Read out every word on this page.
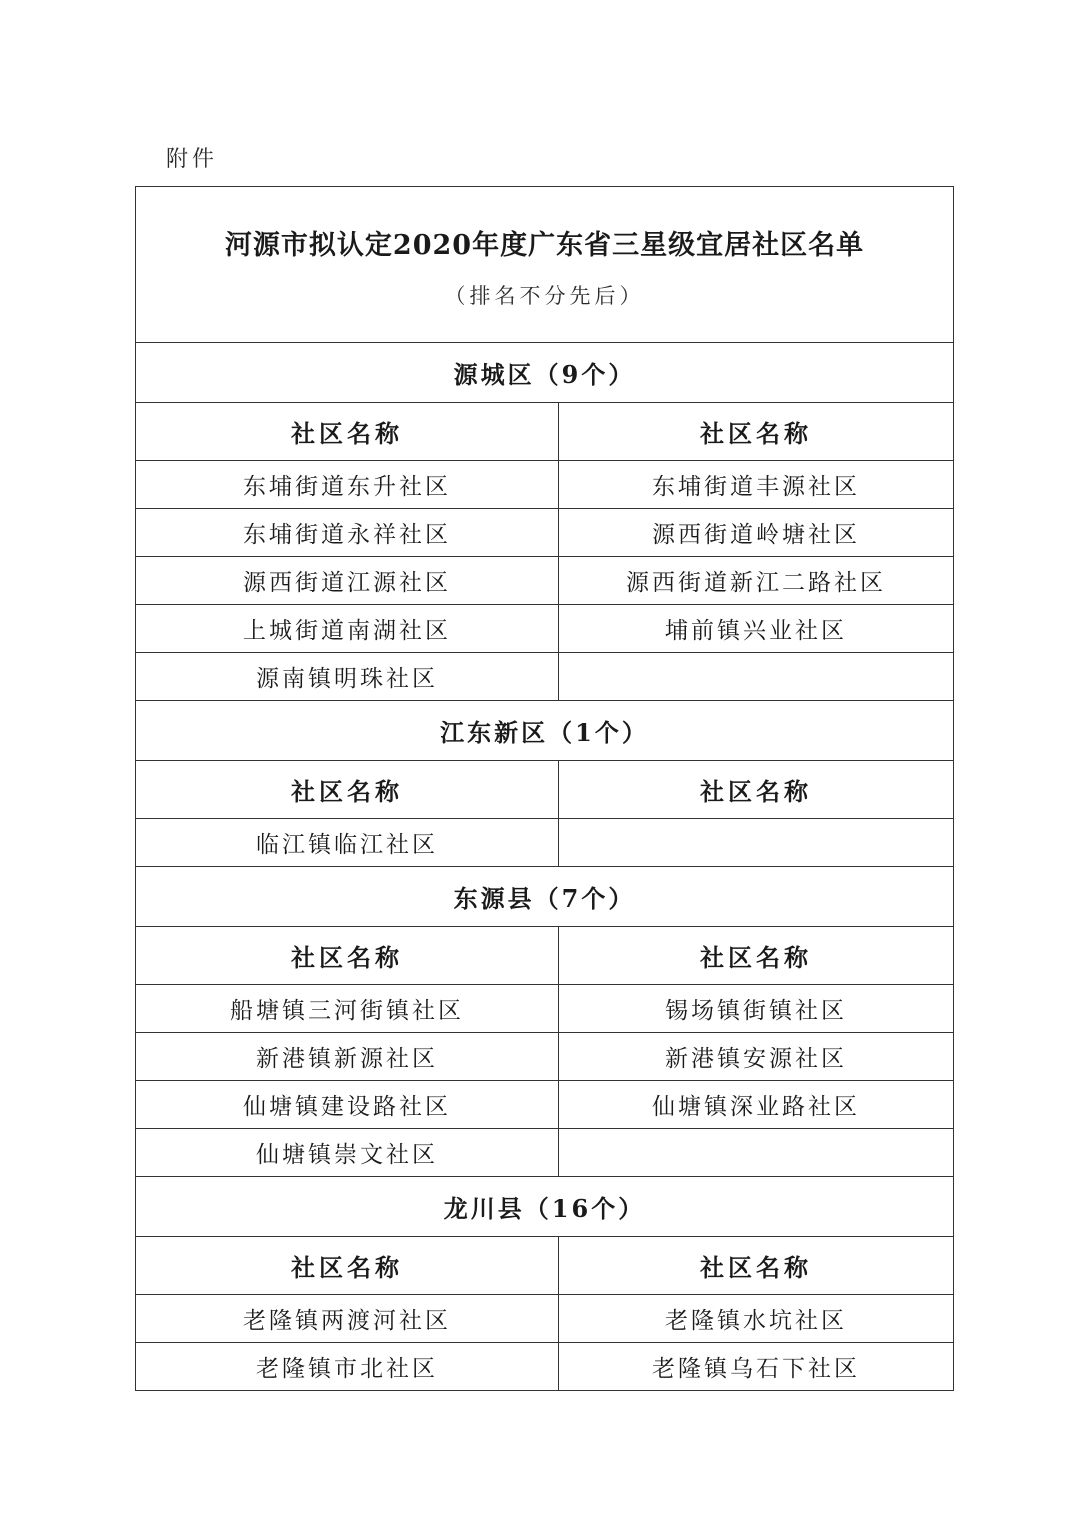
附件
河源市拟认定2020年度广东省三星级宜居社区名单
（排名不分先后）	

源城区（9个）	
社区名称	社区名称
东埔街道东升社区	东埔街道丰源社区
东埔街道永祥社区	源西街道岭塘社区
源西街道江源社区	源西街道新江二路社区
上城街道南湖社区	埔前镇兴业社区
源南镇明珠社区	
江东新区（1个）	
社区名称	社区名称
临江镇临江社区	
东源县（7个）	
社区名称	社区名称
船塘镇三河街镇社区	锡场镇街镇社区
新港镇新源社区	新港镇安源社区
仙塘镇建设路社区	仙塘镇深业路社区
仙塘镇崇文社区	
龙川县（16个）	
社区名称	社区名称
老隆镇两渡河社区	老隆镇水坑社区
老隆镇市北社区	老隆镇乌石下社区
